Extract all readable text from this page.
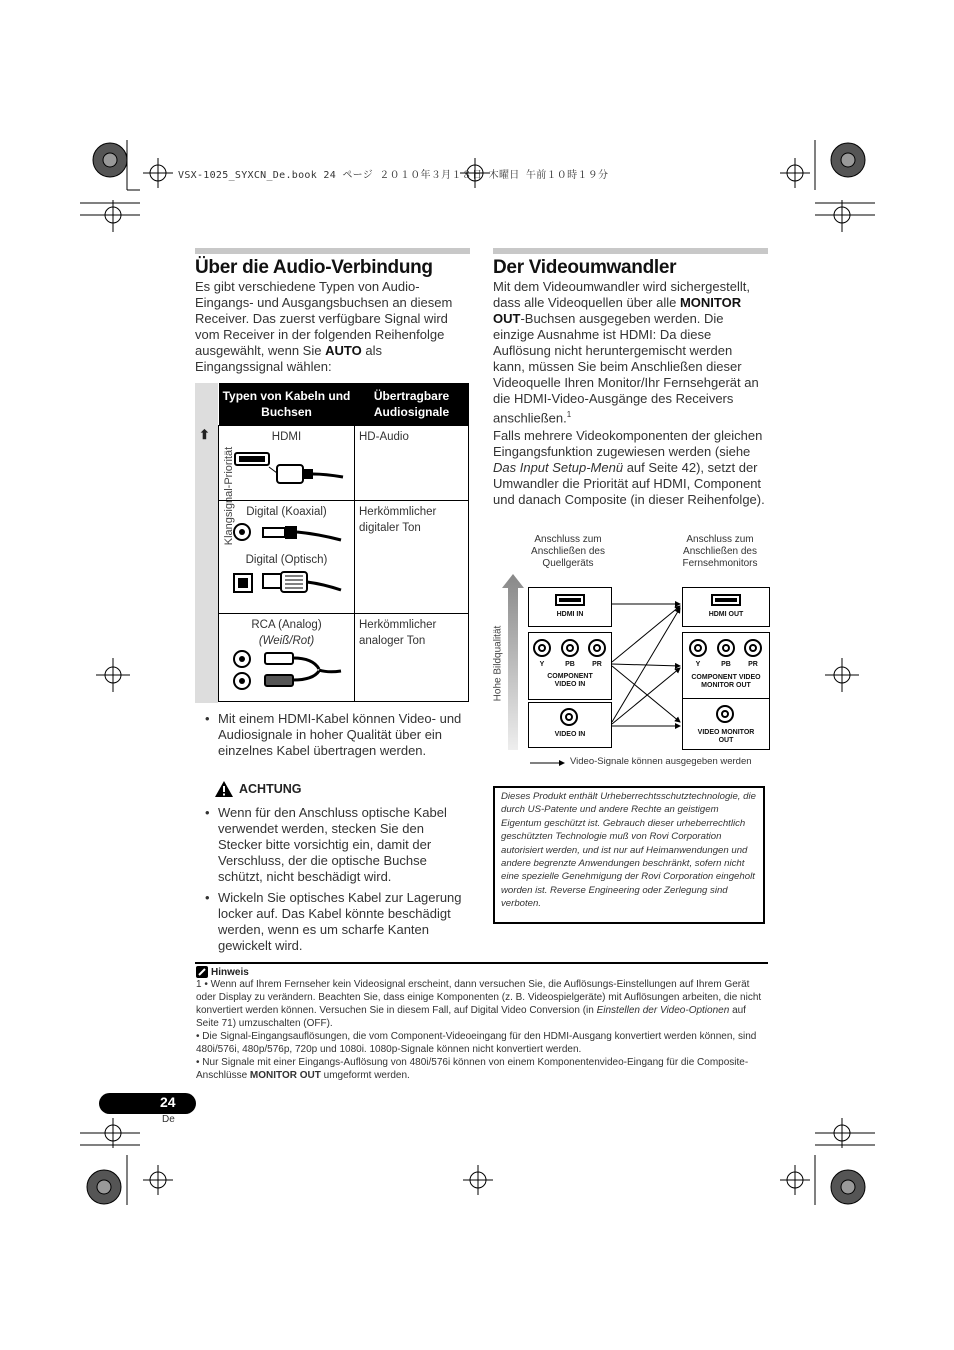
VSX-1025_SYXCN_De.book 24 ページ ２０１０年３月１８日 木曜日 午前１０時１９分
Über die Audio-Verbindung
Es gibt verschiedene Typen von Audio-Eingangs- und Ausgangsbuchsen an diesem Receiver. Das zuerst verfügbare Signal wird vom Receiver in der folgenden Reihenfolge ausgewählt, wenn Sie AUTO als Eingangssignal wählen:
⬆
Klangsignal-Priorität
Typen von Kabeln und Buchsen	Übertragbare Audiosignale

HDMI	HD-Audio

Digital (Koaxial)
Digital (Optisch)	Herkömmlicher digitaler Ton

RCA (Analog)
(Weiß/Rot)	Herkömmlicher analoger Ton
• Mit einem HDMI-Kabel können Video- und Audiosignale in hoher Qualität über ein einzelnes Kabel übertragen werden.
ACHTUNG
• Wenn für den Anschluss optische Kabel verwendet werden, stecken Sie den Stecker bitte vorsichtig ein, damit der Verschluss, der die optische Buchse schützt, nicht beschädigt wird.
• Wickeln Sie optisches Kabel zur Lagerung locker auf. Das Kabel könnte beschädigt werden, wenn es um scharfe Kanten gewickelt wird.
Der Videoumwandler
Mit dem Videoumwandler wird sichergestellt, dass alle Videoquellen über alle MONITOR OUT-Buchsen ausgegeben werden. Die einzige Ausnahme ist HDMI: Da diese Auflösung nicht heruntergemischt werden kann, müssen Sie beim Anschließen dieser Videoquelle Ihren Monitor/Ihr Fernsehgerät an die HDMI-Video-Ausgänge des Receivers anschließen.$^1$
Falls mehrere Videokomponenten der gleichen Eingangsfunktion zugewiesen werden (siehe Das Input Setup-Menü auf Seite 42), setzt der Umwandler die Priorität auf HDMI, Component und danach Composite (in dieser Reihenfolge).
Anschluss zum Anschließen des Quellgeräts
Anschluss zum Anschließen des Fernsehmonitors
Hohe Bildqualität
HDMI IN
Y	PB	PR
COMPONENT VIDEO IN
VIDEO IN
HDMI OUT
Y	PB	PR
COMPONENT VIDEO MONITOR OUT
VIDEO MONITOR OUT
Video-Signale können ausgegeben werden
Dieses Produkt enthält Urheberrechtsschutztechnologie, die durch US-Patente und andere Rechte an geistigem Eigentum geschützt ist. Gebrauch dieser urheberrechtlich geschützten Technologie muß von Rovi Corporation autorisiert werden, und ist nur auf Heimanwendungen und andere begrenzte Anwendungen beschränkt, sofern nicht eine spezielle Genehmigung der Rovi Corporation eingeholt worden ist. Reverse Engineering oder Zerlegung sind verboten.
Hinweis
1 • Wenn auf Ihrem Fernseher kein Videosignal erscheint, dann versuchen Sie, die Auflösungs-Einstellungen auf Ihrem Gerät oder Display zu verändern. Beachten Sie, dass einige Komponenten (z. B. Videospielgeräte) mit Auflösungen arbeiten, die nicht konvertiert werden können. Versuchen Sie in diesem Fall, auf Digital Video Conversion (in Einstellen der Video-Optionen auf Seite 71) umzuschalten (OFF).
• Die Signal-Eingangsauflösungen, die vom Component-Videoeingang für den HDMI-Ausgang konvertiert werden können, sind 480i/576i, 480p/576p, 720p und 1080i. 1080p-Signale können nicht konvertiert werden.
• Nur Signale mit einer Eingangs-Auflösung von 480i/576i können von einem Komponentenvideo-Eingang für die Composite-Anschlüsse MONITOR OUT umgeformt werden.
24
De
